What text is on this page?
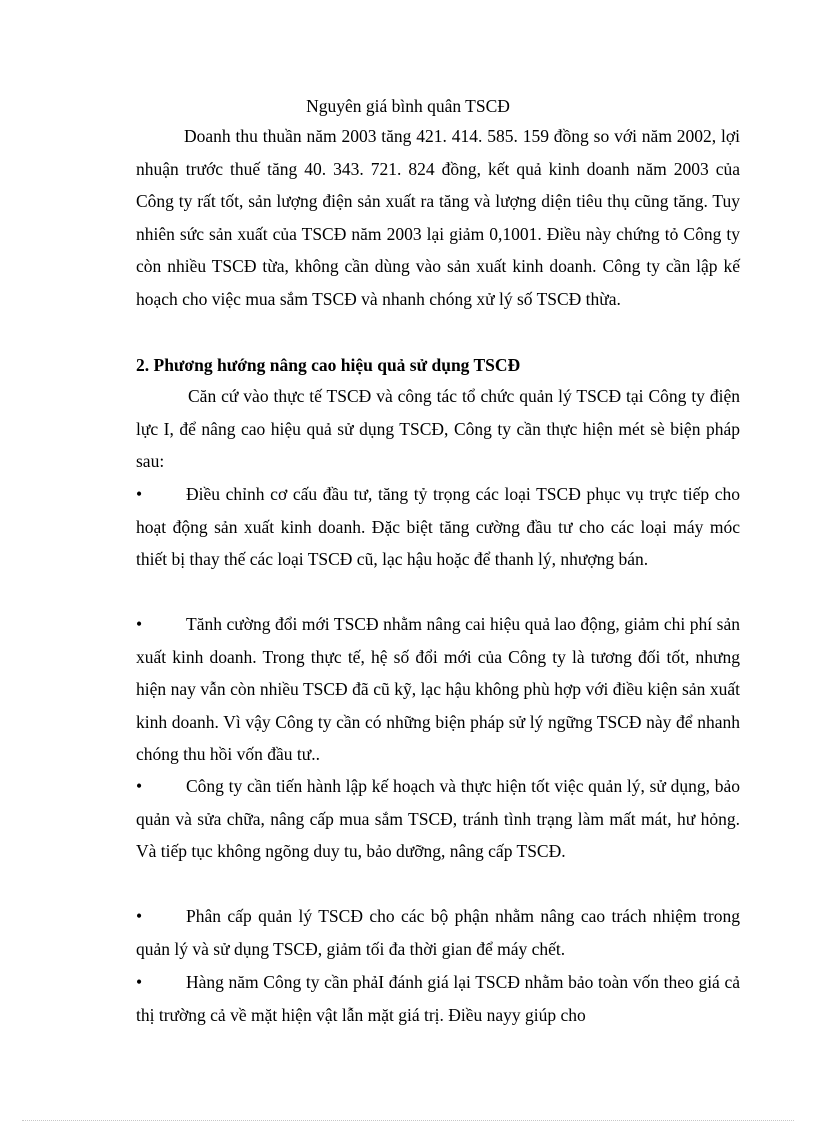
Nguyên giá bình quân TSCĐ
Doanh thu thuần năm 2003 tăng 421. 414. 585. 159 đồng so với năm 2002, lợi nhuận trước thuế tăng 40. 343. 721. 824 đồng, kết quả kinh doanh năm 2003 của Công ty rất tốt, sản lượng điện sản xuất ra tăng và lượng diện tiêu thụ cũng tăng. Tuy nhiên sức sản xuất của TSCĐ năm 2003 lại giảm 0,1001. Điều này chứng tỏ Công ty còn nhiều TSCĐ từa, không cần dùng vào sản xuất kinh doanh. Công ty cần lập kế hoạch cho việc mua sắm TSCĐ và nhanh chóng xử lý số TSCĐ thừa.
2. Phương hướng nâng cao hiệu quả sử dụng TSCĐ
Căn cứ vào thực tế TSCĐ và công tác tổ chức quản lý TSCĐ tại Công ty điện lực I, để nâng cao hiệu quả sử dụng TSCĐ, Công ty cần thực hiện mét sè biện pháp sau:
•	Điều chỉnh cơ cấu đầu tư, tăng tỷ trọng các loại TSCĐ phục vụ trực tiếp cho hoạt động sản xuất kinh doanh. Đặc biệt tăng cường đầu tư cho các loại máy móc thiết bị thay thế các loại TSCĐ cũ, lạc hậu hoặc để thanh lý, nhượng bán.
•	Tănh cường đổi mới TSCĐ nhằm nâng cai hiệu quả lao động, giảm chi phí sản xuất kinh doanh. Trong thực tế, hệ số đổi mới của Công ty là tương đối tốt, nhưng hiện nay vẫn còn nhiều TSCĐ đã cũ kỹ, lạc hậu không phù hợp với điều kiện sản xuất kinh doanh. Vì vậy Công ty cần có những biện pháp sử lý ngững TSCĐ này để nhanh chóng thu hồi vốn đầu tư..
•	Công ty cần tiến hành lập kế hoạch và thực hiện tốt việc quản lý, sử dụng, bảo quản và sửa chữa, nâng cấp mua sắm TSCĐ, tránh tình trạng làm mất mát, hư hỏng. Và tiếp tục không ngõng duy tu, bảo dưỡng, nâng cấp TSCĐ.
•	Phân cấp quản lý TSCĐ cho các bộ phận nhằm nâng cao trách nhiệm trong quản lý và sử dụng TSCĐ, giảm tối đa thời gian để máy chết.
•	Hàng năm Công ty cần phảI đánh giá lại TSCĐ nhằm bảo toàn vốn theo giá cả thị trường cả về mặt hiện vật lẫn mặt giá trị. Điều nayy giúp cho
